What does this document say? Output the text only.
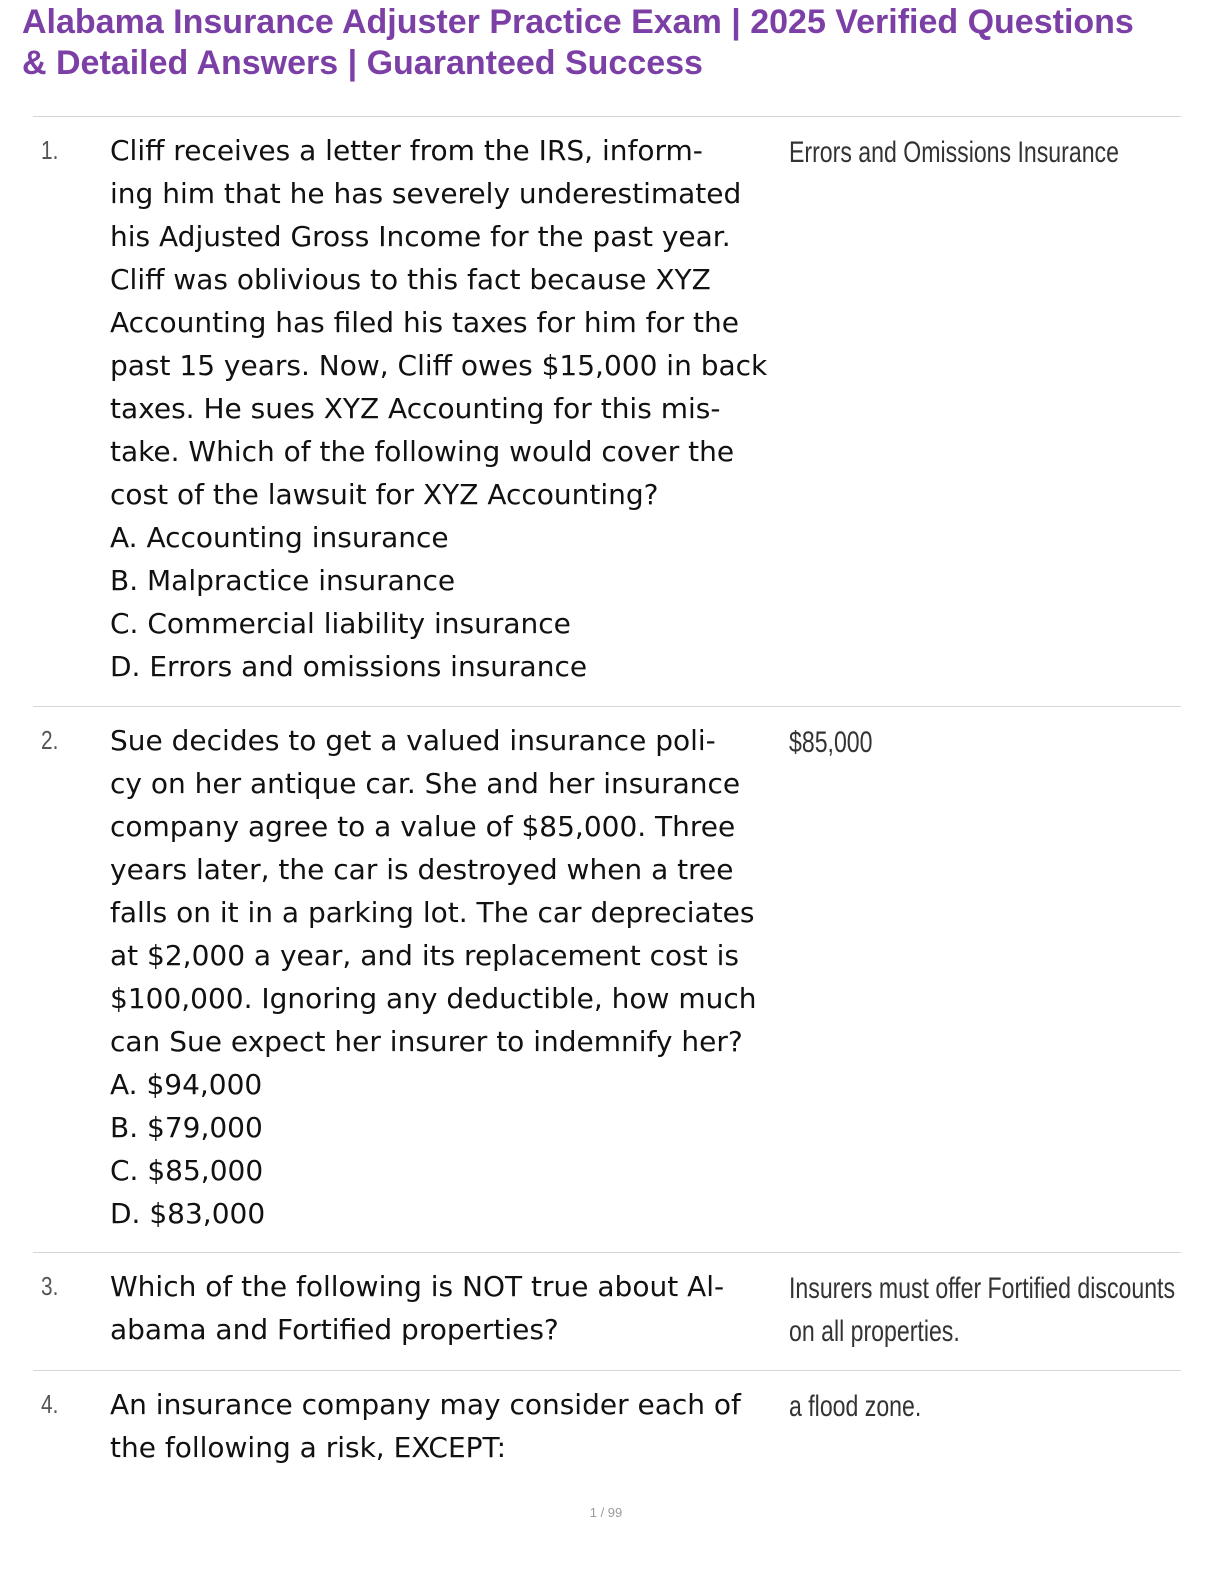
Alabama Insurance Adjuster Practice Exam | 2025 Verified Questions
& Detailed Answers | Guaranteed Success
1. Cliff receives a letter from the IRS, inform-
ing him that he has severely underestimated
his Adjusted Gross Income for the past year.
Cliff was oblivious to this fact because XYZ
Accounting has filed his taxes for him for the
past 15 years. Now, Cliff owes $15,000 in back
taxes. He sues XYZ Accounting for this mis-
take. Which of the following would cover the
cost of the lawsuit for XYZ Accounting?
A. Accounting insurance
B. Malpractice insurance
C. Commercial liability insurance
D. Errors and omissions insurance
Errors and Omissions Insurance
2. Sue decides to get a valued insurance poli-
cy on her antique car. She and her insurance
company agree to a value of $85,000. Three
years later, the car is destroyed when a tree
falls on it in a parking lot. The car depreciates
at $2,000 a year, and its replacement cost is
$100,000. Ignoring any deductible, how much
can Sue expect her insurer to indemnify her?
A. $94,000
B. $79,000
C. $85,000
D. $83,000
$85,000
3. Which of the following is NOT true about Al-
abama and Fortified properties?
Insurers must offer Fortified discounts
on all properties.
4. An insurance company may consider each of
the following a risk, EXCEPT:
a flood zone.
1 / 99
